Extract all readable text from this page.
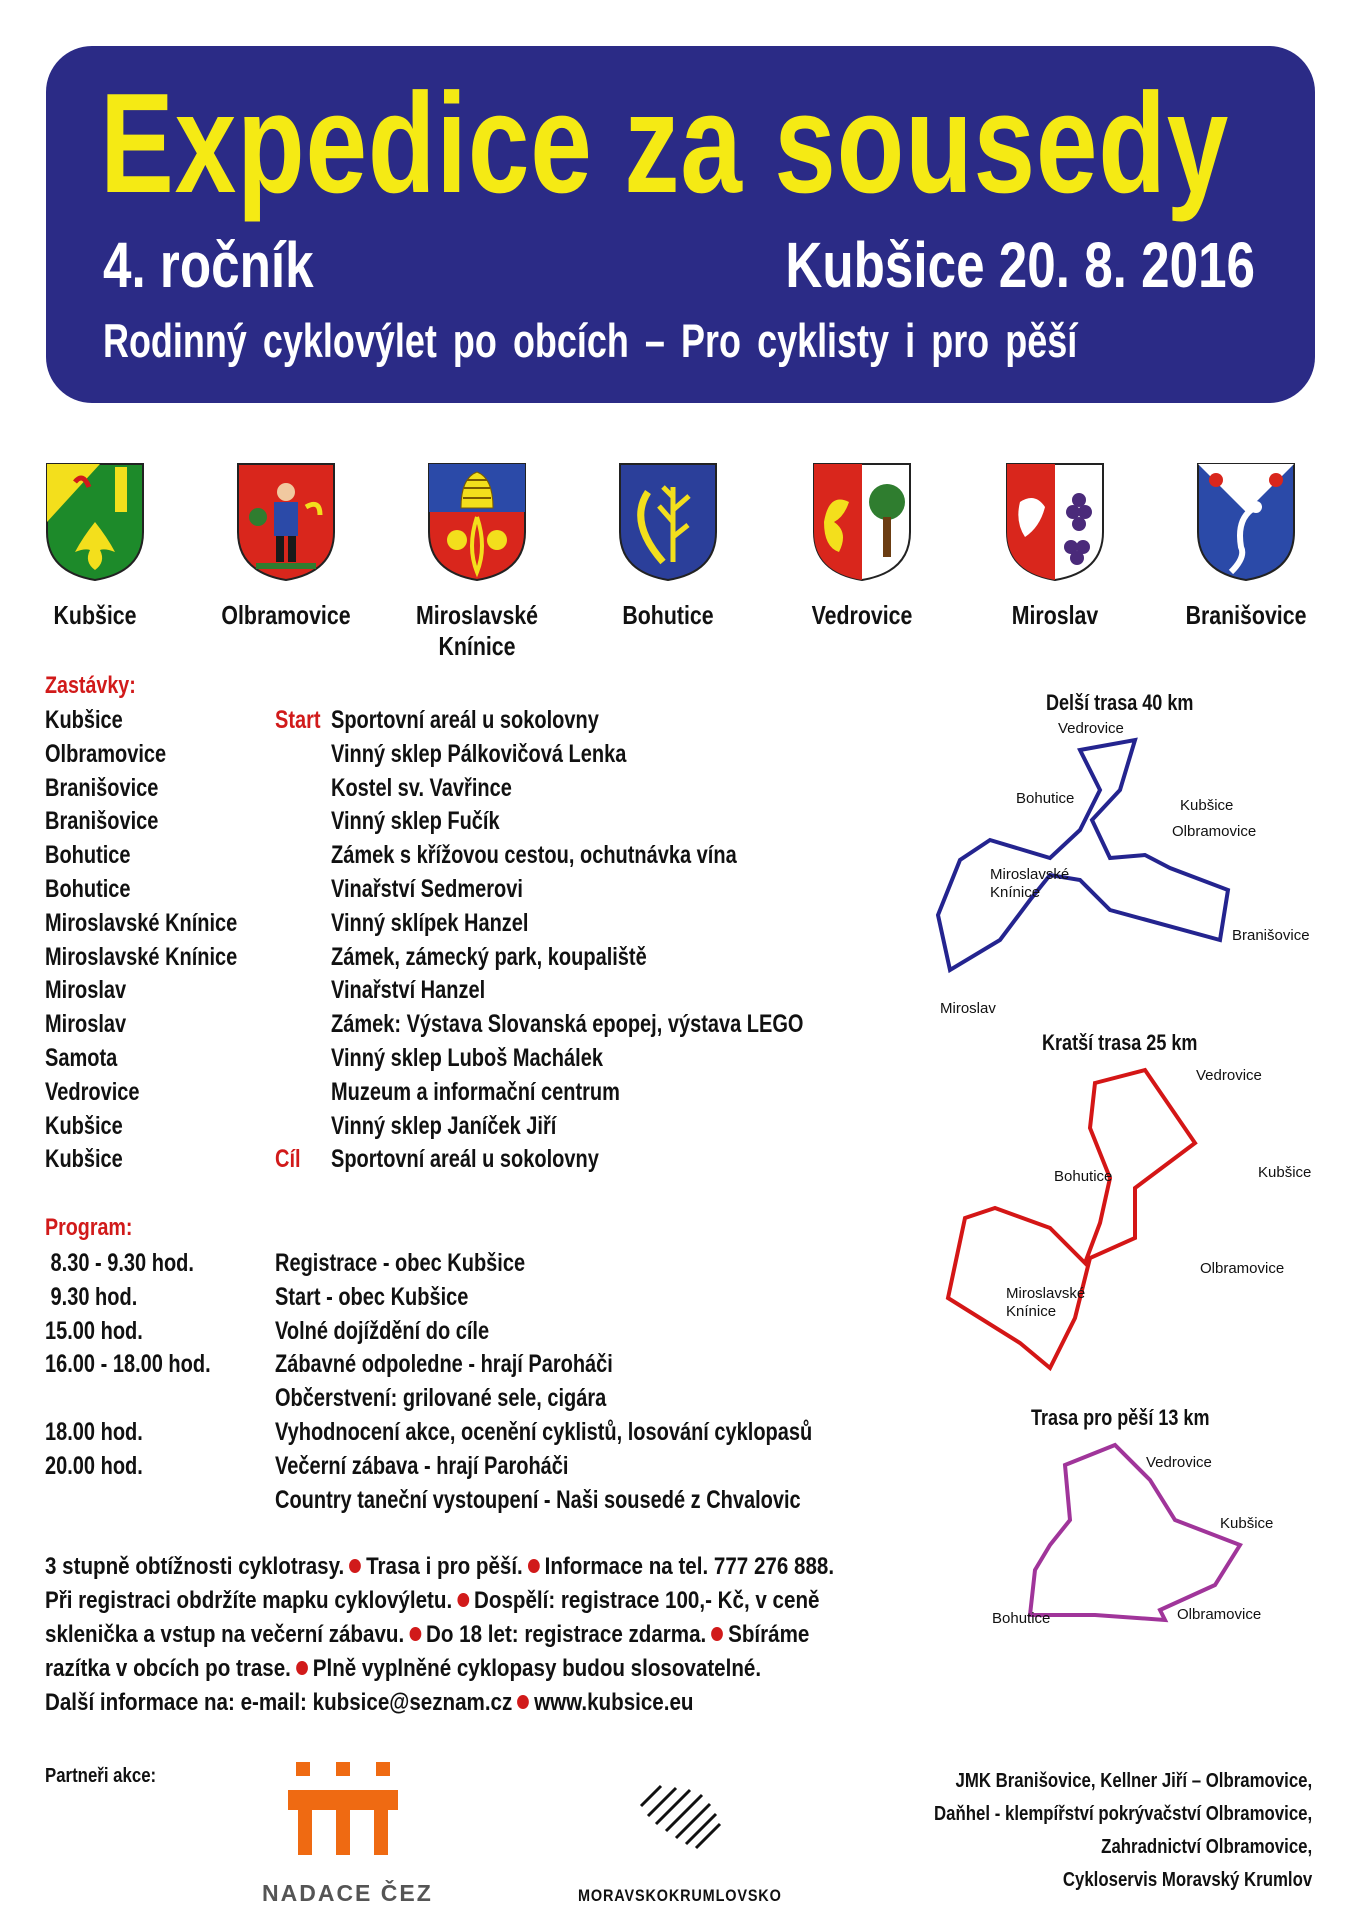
Expedice za sousedy
4. ročník	Kubšice 20. 8. 2016
Rodinný cyklovýlet po obcích – Pro cyklisty i pro pěší
Kubšice	Olbramovice	Miroslavské
Knínice
Bohutice	Vedrovice	Miroslav	Branišovice
Zastávky:
Kubšice	Start Sportovní areál u sokolovny
Olbramovice	Vinný sklep Pálkovičová Lenka
Branišovice	Kostel sv. Vavřince
Branišovice	Vinný sklep Fučík
Bohutice	Zámek s křížovou cestou, ochutnávka vína
Bohutice	Vinařství Sedmerovi
Miroslavské Knínice	Vinný sklípek Hanzel
Miroslavské Knínice	Zámek, zámecký park, koupaliště
Miroslav	Vinařství Hanzel
Miroslav	Zámek: Výstava Slovanská epopej, výstava LEGO
Samota	Vinný sklep Luboš Machálek
Vedrovice	Muzeum a informační centrum
Kubšice	Vinný sklep Janíček Jiří
Kubšice	Cíl Sportovní areál u sokolovny
Program:
8.30 - 9.30 hod.	Registrace - obec Kubšice
9.30 hod.	Start - obec Kubšice
15.00 hod.	Volné dojíždění do cíle
16.00 - 18.00 hod.	Zábavné odpoledne - hrají Paroháči
Občerstvení: grilované sele, cigára
18.00 hod.	Vyhodnocení akce, ocenění cyklistů, losování cyklopasů
20.00 hod.	Večerní zábava - hrají Paroháči
Country taneční vystoupení - Naši sousedé z Chvalovic
3 stupně obtížnosti cyklotrasy. Trasa i pro pěší. Informace na tel. 777 276 888.
Při registraci obdržíte mapku cyklovýletu. Dospělí: registrace 100,- Kč, v ceně
sklenička a vstup na večerní zábavu. Do 18 let: registrace zdarma. Sbíráme
razítka v obcích po trase. Plně vyplněné cyklopasy budou slosovatelné.
Další informace na: e-mail: kubsice@seznam.cz www.kubsice.eu
Delší trasa 40 km
Vedrovice
Bohutice	Kubšice
Olbramovice
Miroslavské
Knínice
Branišovice
Miroslav
Kratší trasa 25 km
Vedrovice
Bohutice	Kubšice
Olbramovice
Miroslavské
Knínice
Trasa pro pěší 13 km
Vedrovice
Kubšice
Bohutice	Olbramovice
Partneři akce:
NADACE ČEZ	MORAVSKOKRUMLOVSKO
JMK Branišovice, Kellner Jiří – Olbramovice,
Daňhel - klempířství pokrývačství Olbramovice,
Zahradnictví Olbramovice,
Cykloservis Moravský Krumlov
